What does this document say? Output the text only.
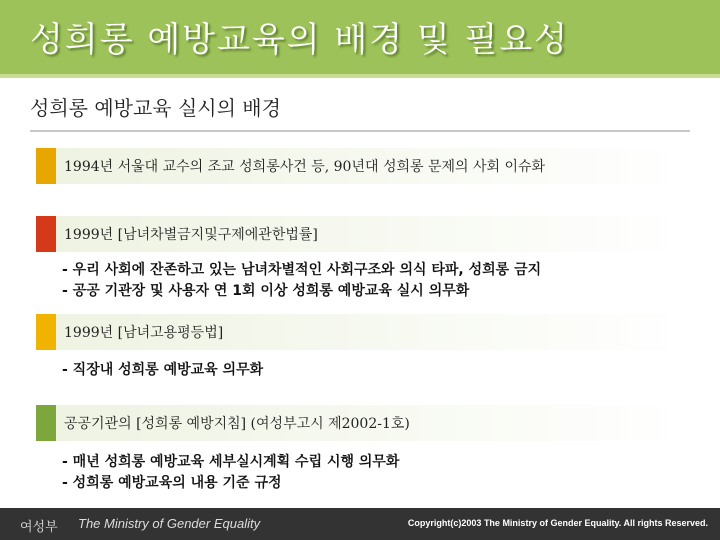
성희롱 예방교육의 배경 및 필요성
성희롱 예방교육 실시의 배경
1994년 서울대 교수의 조교 성희롱사건 등, 90년대 성희롱 문제의 사회 이슈화
1999년 [남녀차별금지및구제에관한법률]
- 우리 사회에 잔존하고 있는 남녀차별적인 사회구조와 의식 타파, 성희롱 금지
- 공공 기관장 및 사용자 연 1회 이상 성희롱 예방교육 실시 의무화
1999년 [남녀고용평등법]
- 직장내 성희롱 예방교육 의무화
공공기관의 [성희롱 예방지침] (여성부고시 제2002-1호)
- 매년 성희롱 예방교육 세부실시계획 수립 시행 의무화
- 성희롱 예방교육의 내용 기준 규정
여성부 The Ministry of Gender Equality	Copyright(c)2003 The Ministry of Gender Equality. All rights Reserved.
